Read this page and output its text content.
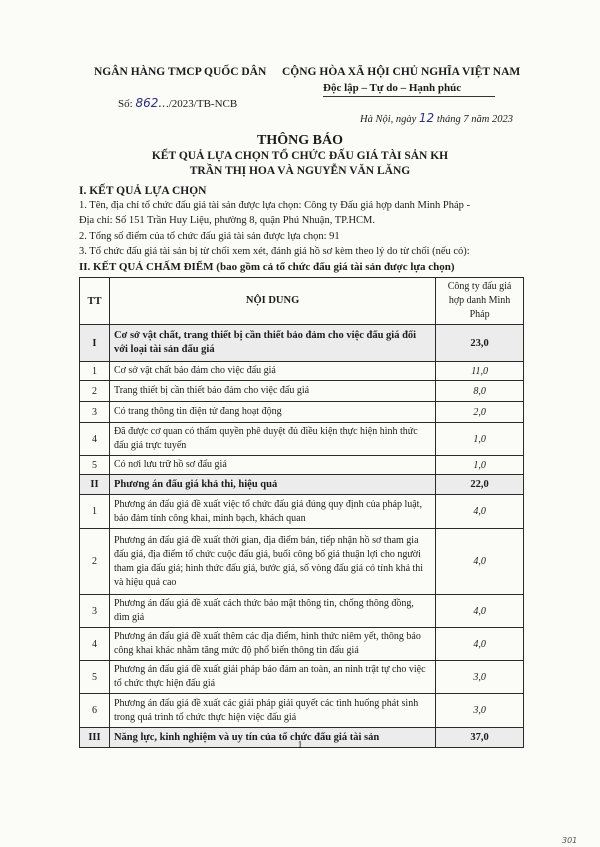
NGÂN HÀNG TMCP QUỐC DÂN CỘNG HÒA XÃ HỘI CHỦ NGHĨA VIỆT NAM
Độc lập – Tự do – Hạnh phúc
Số: 862.../2023/TB-NCB
Hà Nội, ngày 12 tháng 7 năm 2023
THÔNG BÁO
KẾT QUẢ LỰA CHỌN TỔ CHỨC ĐẤU GIÁ TÀI SẢN KH
TRẦN THỊ HOA VÀ NGUYỄN VĂN LĂNG
I. KẾT QUẢ LỰA CHỌN
1. Tên, địa chỉ tổ chức đấu giá tài sản được lựa chọn: Công ty Đấu giá hợp danh Minh Pháp -
Địa chỉ: Số 151 Trần Huy Liệu, phường 8, quận Phú Nhuận, TP.HCM.
2. Tổng số điểm của tổ chức đấu giá tài sản được lựa chọn: 91
3. Tổ chức đấu giá tài sản bị từ chối xem xét, đánh giá hồ sơ kèm theo lý do từ chối (nếu có):
II. KẾT QUẢ CHẤM ĐIỂM (bao gồm cả tổ chức đấu giá tài sản được lựa chọn)
TT	NỘI DUNG	Công ty đấu giá hợp danh Minh Pháp
I	Cơ sở vật chất, trang thiết bị cần thiết bảo đảm cho việc đấu giá đối với loại tài sản đấu giá	23,0
1	Cơ sở vật chất bảo đảm cho việc đấu giá	11,0
2	Trang thiết bị cần thiết bảo đảm cho việc đấu giá	8,0
3	Có trang thông tin điện tử đang hoạt động	2,0
4	Đã được cơ quan có thẩm quyền phê duyệt đủ điều kiện thực hiện hình thức đấu giá trực tuyến	1,0
5	Có nơi lưu trữ hồ sơ đấu giá	1,0
II	Phương án đấu giá khả thi, hiệu quả	22,0
1	Phương án đấu giá đề xuất việc tổ chức đấu giá đúng quy định của pháp luật, bảo đảm tính công khai, minh bạch, khách quan	4,0
2	Phương án đấu giá đề xuất thời gian, địa điểm bán, tiếp nhận hồ sơ tham gia đấu giá, địa điểm tổ chức cuộc đấu giá, buổi công bố giá thuận lợi cho người tham gia đấu giá; hình thức đấu giá, bước giá, số vòng đấu giá có tính khả thi và hiệu quả cao	4,0
3	Phương án đấu giá đề xuất cách thức bảo mật thông tin, chống thông đồng, dìm giá	4,0
4	Phương án đấu giá đề xuất thêm các địa điểm, hình thức niêm yết, thông báo công khai khác nhằm tăng mức độ phổ biến thông tin đấu giá	4,0
5	Phương án đấu giá đề xuất giải pháp bảo đảm an toàn, an ninh trật tự cho việc tổ chức thực hiện đấu giá	3,0
6	Phương án đấu giá đề xuất các giải pháp giải quyết các tình huống phát sinh trong quá trình tổ chức thực hiện việc đấu giá	3,0
III	Năng lực, kinh nghiệm và uy tín của tổ chức đấu giá tài sản	37,0
1
301
